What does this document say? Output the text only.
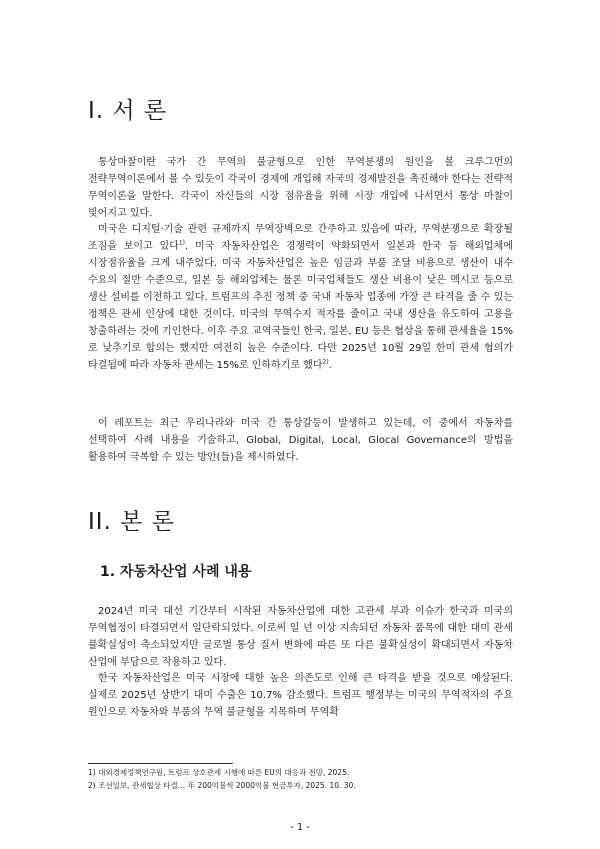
I. 서 론

통상마찰이란 국가 간 무역의 불균형으로 인한 무역분쟁의 원인을 볼 크루그먼의 전략무역이론에서 볼 수 있듯이 각국이 경제에 개입해 자국의 경제발전을 촉진해야 한다는 전략적 무역이론을 말한다. 각국이 자신들의 시장 점유율을 위해 시장 개입에 나서면서 통상 마찰이 빚어지고 있다.

미국은 디지털·기술 관련 규제까지 무역장벽으로 간주하고 있음에 따라, 무역분쟁으로 확장될 조짐을 보이고 있다$^{1)}$. 미국 자동차산업은 경쟁력이 약화되면서 일본과 한국 등 해외업체에 시장점유율을 크게 내주었다. 미국 자동차산업은 높은 임금과 부품 조달 비용으로 생산이 내수 수요의 절반 수준으로, 일본 등 해외업체는 물론 미국업체들도 생산 비용이 낮은 멕시코 등으로 생산 설비를 이전하고 있다. 트럼프의 추진 정책 중 국내 자동차 업종에 가장 큰 타격을 줄 수 있는 정책은 관세 인상에 대한 것이다. 미국의 무역수지 적자를 줄이고 국내 생산을 유도하여 고용을 창출하려는 것에 기인한다. 이후 주요 교역국들인 한국, 일본, EU 등은 협상을 통해 관세율을 15%로 낮추기로 합의는 했지만 여전히 높은 수준이다. 다만 2025년 10월 29일 한미 관세 협의가 타결됨에 따라 자동차 관세는 15%로 인하하기로 했다$^{2)}$.

이 레포트는 최근 우리나라와 미국 간 통상갈등이 발생하고 있는데, 이 중에서 자동차를 선택하여 사례 내용을 기술하고, Global, Digital, Local, Glocal Governance의 방법을 활용하여 극복할 수 있는 방안(들)을 제시하였다.

II. 본 론
1. 자동차산업 사례 내용

2024년 미국 대선 기간부터 시작된 자동차산업에 대한 고관세 부과 이슈가 한국과 미국의 무역협정이 타결되면서 일단락되었다. 이로써 일 년 이상 지속되던 자동차 품목에 대한 대미 관세 불확실성이 축소되었지만 글로벌 통상 질서 변화에 따른 또 다른 불확실성이 확대되면서 자동차 산업에 부담으로 작용하고 있다.

한국 자동차산업은 미국 시장에 대한 높은 의존도로 인해 큰 타격을 받을 것으로 예상된다. 실제로 2025년 상반기 대미 수출은 10.7% 감소했다. 트럼프 행정부는 미국의 무역적자의 주요 원인으로 자동차와 부품의 무역 불균형을 지목하며 무역확

1) 대외경제정책연구원, 트럼프 상호관세 시행에 따른 EU의 대응과 전망, 2025.
2) 조선일보, 관세협상 타결… 年 200억불씩 2000억불 현금투자, 2025. 10. 30.
- 1 -
